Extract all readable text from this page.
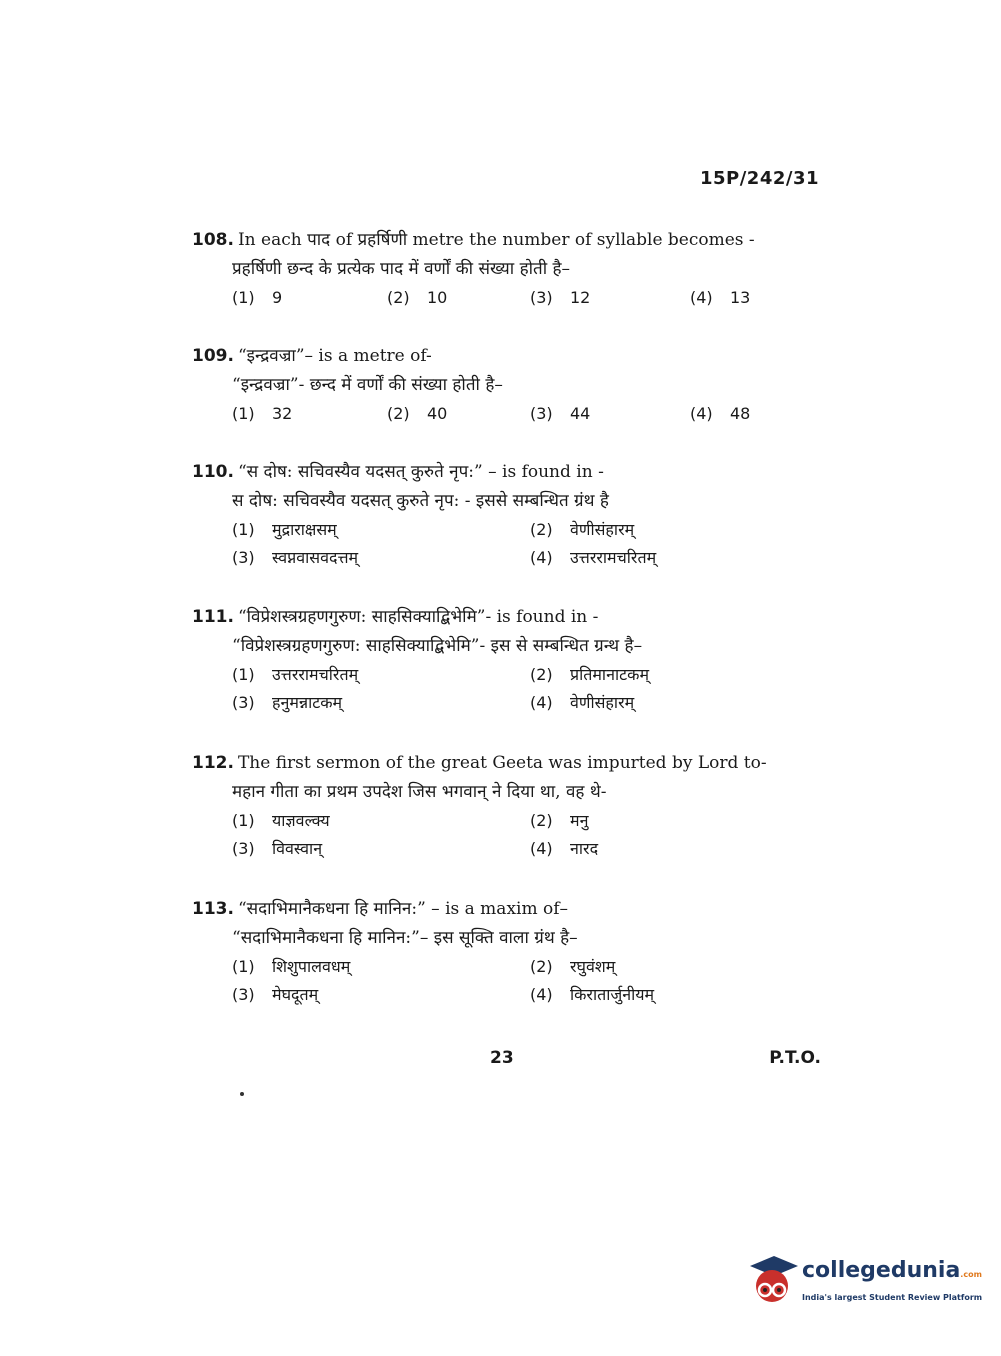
15P/242/31
108. In each पाद of प्रहर्षिणी metre the number of syllable becomes -
प्रहर्षिणी छन्द के प्रत्येक पाद में वर्णों की संख्या होती है–
(1) 9	(2) 10	(3) 12	(4) 13
109. “इन्द्रवज्रा”– is a metre of-
“इन्द्रवज्रा”- छन्द में वर्णों की संख्या होती है–
(1) 32	(2) 40	(3) 44	(4) 48
110. “स दोष: सचिवस्यैव यदसत् कुरुते नृप:” – is found in -
स दोष: सचिवस्यैव यदसत् कुरुते नृप: - इससे सम्बन्धित ग्रंथ है
(1) मुद्राराक्षसम्	(2) वेणीसंहारम्
(3) स्वप्नवासवदत्तम्	(4) उत्तररामचरितम्
111. “विप्रेशस्त्रग्रहणगुरुण: साहसिक्याद्बिभेमि”- is found in -
“विप्रेशस्त्रग्रहणगुरुण: साहसिक्याद्बिभेमि”- इस से सम्बन्धित ग्रन्थ है–
(1) उत्तररामचरितम्	(2) प्रतिमानाटकम्
(3) हनुमन्नाटकम्	(4) वेणीसंहारम्
112. The first sermon of the great Geeta was impurted by Lord to-
महान गीता का प्रथम उपदेश जिस भगवान् ने दिया था, वह थे-
(1) याज्ञवल्क्य	(2) मनु
(3) विवस्वान्	(4) नारद
113. “सदाभिमानैकधना हि मानिन:” – is a maxim of–
“सदाभिमानैकधना हि मानिन:”– इस सूक्ति वाला ग्रंथ है–
(1) शिशुपालवधम्	(2) रघुवंशम्
(3) मेघदूतम्	(4) किरातार्जुनीयम्
23	P.T.O.
collegedunia.com
India's largest Student Review Platform
